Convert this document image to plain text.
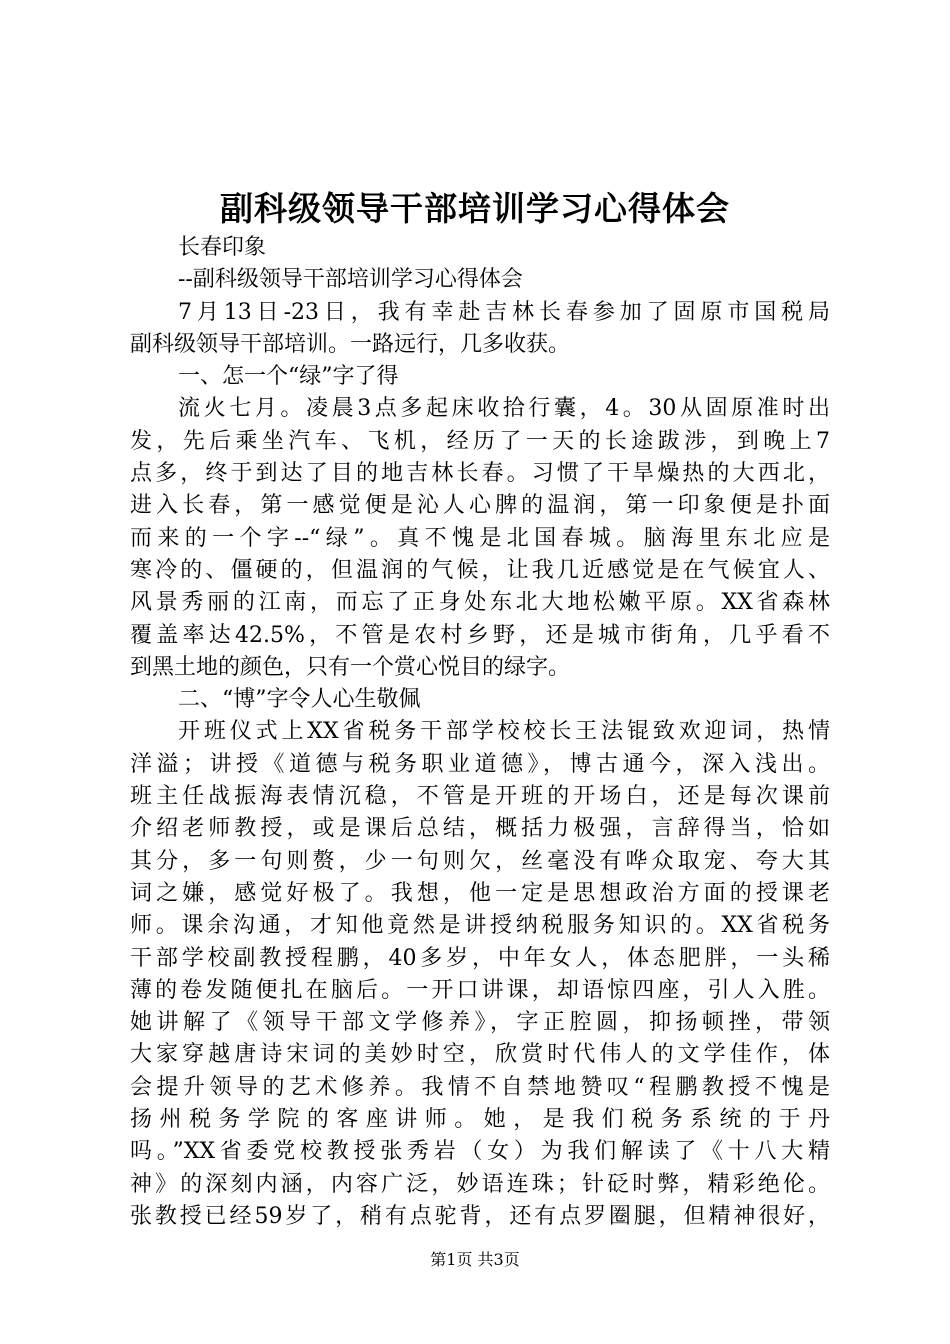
副科级领导干部培训学习心得体会
长春印象
--副科级领导干部培训学习心得体会
7月13日-23日，我有幸赴吉林长春参加了固原市国税局
副科级领导干部培训。一路远行，几多收获。
一、怎一个“绿”字了得
流火七月。凌晨3点多起床收拾行囊，4。30从固原准时出
发，先后乘坐汽车、飞机，经历了一天的长途跋涉，到晚上7
点多，终于到达了目的地吉林长春。习惯了干旱燥热的大西北，
进入长春，第一感觉便是沁人心脾的温润，第一印象便是扑面
而来的一个字--“绿”。真不愧是北国春城。脑海里东北应是
寒冷的、僵硬的，但温润的气候，让我几近感觉是在气候宜人、
风景秀丽的江南，而忘了正身处东北大地松嫩平原。XX省森林
覆盖率达42.5%，不管是农村乡野，还是城市街角，几乎看不
到黑土地的颜色，只有一个赏心悦目的绿字。
二、“博”字令人心生敬佩
开班仪式上XX省税务干部学校校长王法锟致欢迎词，热情
洋溢；讲授《道德与税务职业道德》，博古通今，深入浅出。
班主任战振海表情沉稳，不管是开班的开场白，还是每次课前
介绍老师教授，或是课后总结，概括力极强，言辞得当，恰如
其分，多一句则赘，少一句则欠，丝毫没有哗众取宠、夸大其
词之嫌，感觉好极了。我想，他一定是思想政治方面的授课老
师。课余沟通，才知他竟然是讲授纳税服务知识的。XX省税务
干部学校副教授程鹏，40多岁，中年女人，体态肥胖，一头稀
薄的卷发随便扎在脑后。一开口讲课，却语惊四座，引人入胜。
她讲解了《领导干部文学修养》，字正腔圆，抑扬顿挫，带领
大家穿越唐诗宋词的美妙时空，欣赏时代伟人的文学佳作，体
会提升领导的艺术修养。我情不自禁地赞叹“程鹏教授不愧是
扬州税务学院的客座讲师。她，是我们税务系统的于丹
吗。”XX省委党校教授张秀岩（女）为我们解读了《十八大精
神》的深刻内涵，内容广泛，妙语连珠；针砭时弊，精彩绝伦。
张教授已经59岁了，稍有点驼背，还有点罗圈腿，但精神很好，
第1页 共3页
